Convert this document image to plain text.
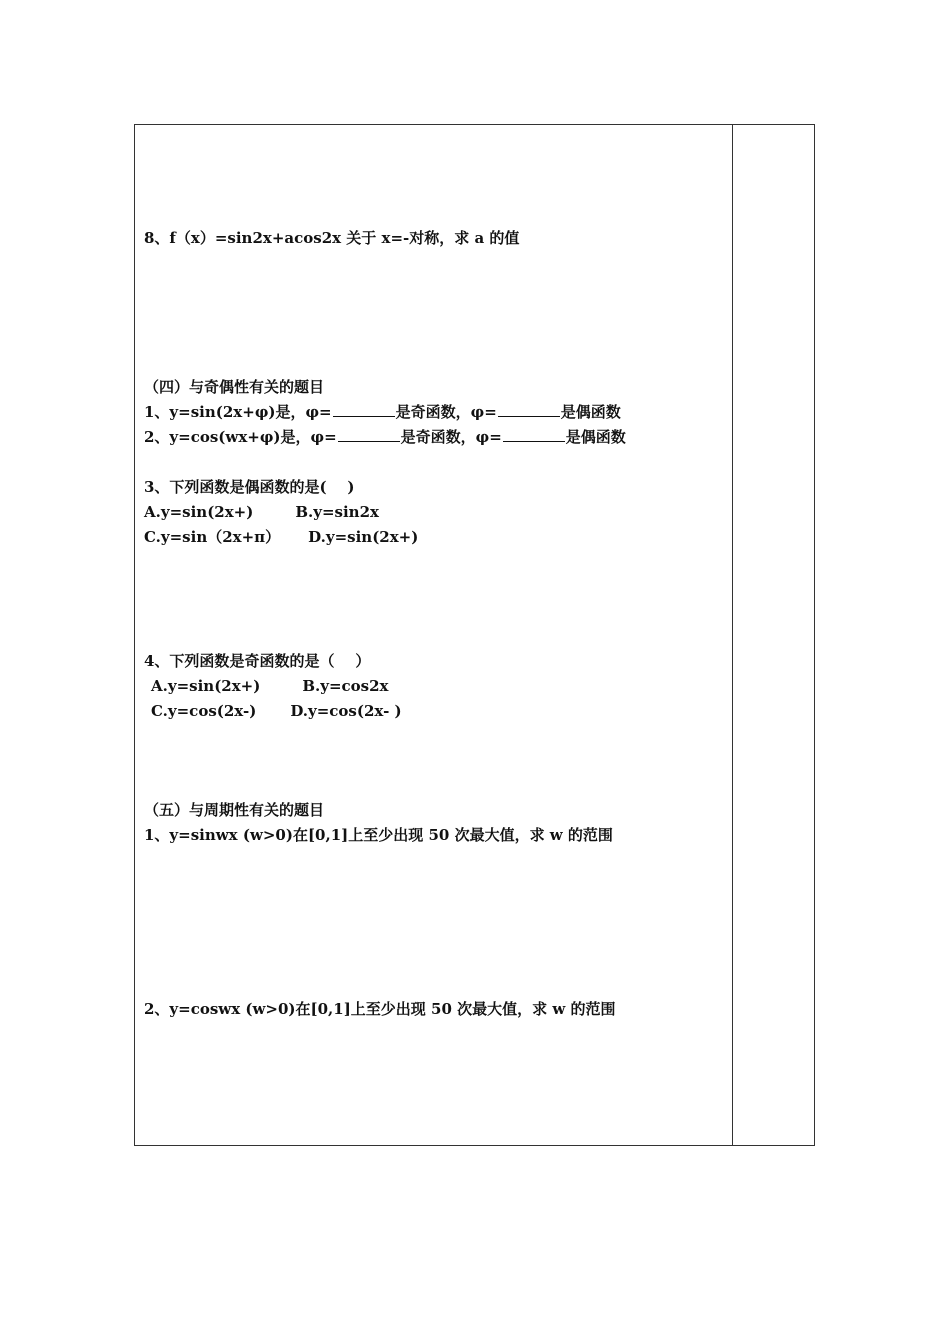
8、f（x）=sin2x+acos2x 关于 x=-对称，求 a 的值
（四）与奇偶性有关的题目
1、y=sin(2x+φ)是，φ=	是奇函数，φ=	是偶函数
2、y=cos(wx+φ)是，φ=	是奇函数，φ=	是偶函数
3、下列函数是偶函数的是(    )
A.y=sin(2x+)	B.y=sin2x
C.y=sin（2x+π） D.y=sin(2x+)
4、下列函数是奇函数的是（    ）
A.y=sin(2x+)	B.y=cos2x
C.y=cos(2x-) D.y=cos(2x- )
（五）与周期性有关的题目
1、y=sinwx (w>0)在[0,1]上至少出现 50 次最大值，求 w 的范围
2、y=coswx (w>0)在[0,1]上至少出现 50 次最大值，求 w 的范围
